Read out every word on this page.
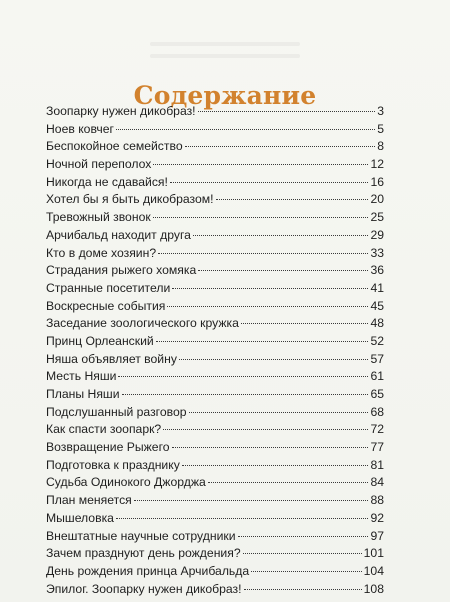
Содержание
Зоопарку нужен дикобраз!	3
Ноев ковчег	5
Беспокойное семейство	8
Ночной переполох	12
Никогда не сдавайся!	16
Хотел бы я быть дикобразом!	20
Тревожный звонок	25
Арчибальд находит друга	29
Кто в доме хозяин?	33
Страдания рыжего хомяка	36
Странные посетители	41
Воскресные события	45
Заседание зоологического кружка	48
Принц Орлеанский	52
Няша объявляет войну	57
Месть Няши	61
Планы Няши	65
Подслушанный разговор	68
Как спасти зоопарк?	72
Возвращение Рыжего	77
Подготовка к празднику	81
Судьба Одинокого Джорджа	84
План меняется	88
Мышеловка	92
Внештатные научные сотрудники	97
Зачем празднуют день рождения?	101
День рождения принца Арчибальда	104
Эпилог. Зоопарку нужен дикобраз!	108
